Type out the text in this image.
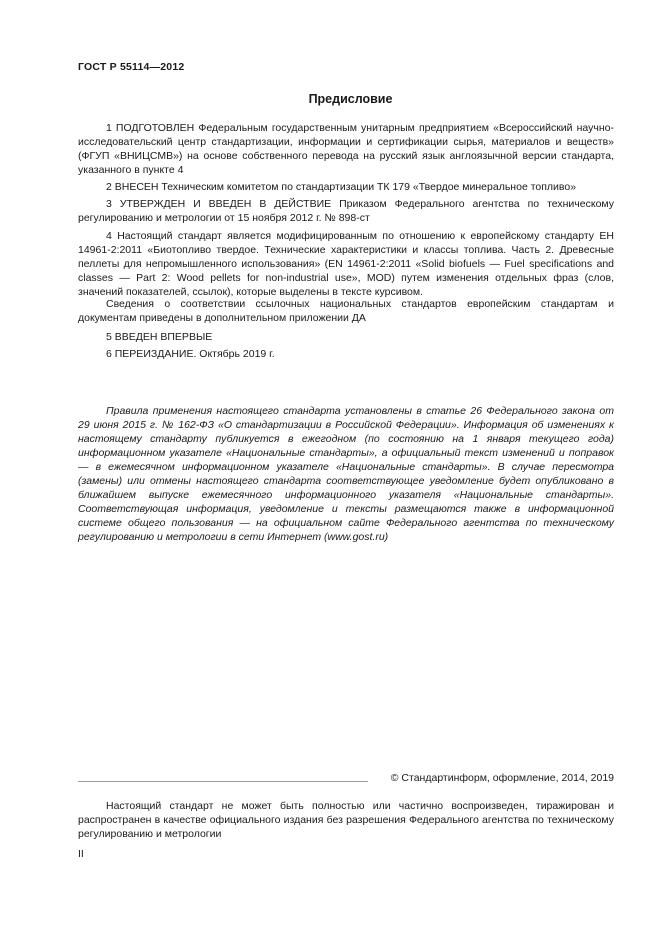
ГОСТ Р 55114—2012
Предисловие
1 ПОДГОТОВЛЕН Федеральным государственным унитарным предприятием «Всероссийский научно-исследовательский центр стандартизации, информации и сертификации сырья, материалов и веществ» (ФГУП «ВНИЦСМВ») на основе собственного перевода на русский язык англоязычной версии стандарта, указанного в пункте 4
2 ВНЕСЕН Техническим комитетом по стандартизации ТК 179 «Твердое минеральное топливо»
3 УТВЕРЖДЕН И ВВЕДЕН В ДЕЙСТВИЕ Приказом Федерального агентства по техническому регулированию и метрологии от 15 ноября 2012 г. № 898-ст
4 Настоящий стандарт является модифицированным по отношению к европейскому стандарту ЕН 14961-2:2011 «Биотопливо твердое. Технические характеристики и классы топлива. Часть 2. Древесные пеллеты для непромышленного использования» (EN 14961-2:2011 «Solid biofuels — Fuel specifications and classes — Part 2: Wood pellets for non-industrial use», MOD) путем изменения отдельных фраз (слов, значений показателей, ссылок), которые выделены в тексте курсивом.
Сведения о соответствии ссылочных национальных стандартов европейским стандартам и документам приведены в дополнительном приложении ДА
5 ВВЕДЕН ВПЕРВЫЕ
6 ПЕРЕИЗДАНИЕ. Октябрь 2019 г.
Правила применения настоящего стандарта установлены в статье 26 Федерального закона от 29 июня 2015 г. № 162-ФЗ «О стандартизации в Российской Федерации». Информация об изменениях к настоящему стандарту публикуется в ежегодном (по состоянию на 1 января текущего года) информационном указателе «Национальные стандарты», а официальный текст изменений и поправок — в ежемесячном информационном указателе «Национальные стандарты». В случае пересмотра (замены) или отмены настоящего стандарта соответствующее уведомление будет опубликовано в ближайшем выпуске ежемесячного информационного указателя «Национальные стандарты». Соответствующая информация, уведомление и тексты размещаются также в информационной системе общего пользования — на официальном сайте Федерального агентства по техническому регулированию и метрологии в сети Интернет (www.gost.ru)
© Стандартинформ, оформление, 2014, 2019
Настоящий стандарт не может быть полностью или частично воспроизведен, тиражирован и распространен в качестве официального издания без разрешения Федерального агентства по техническому регулированию и метрологии
II
